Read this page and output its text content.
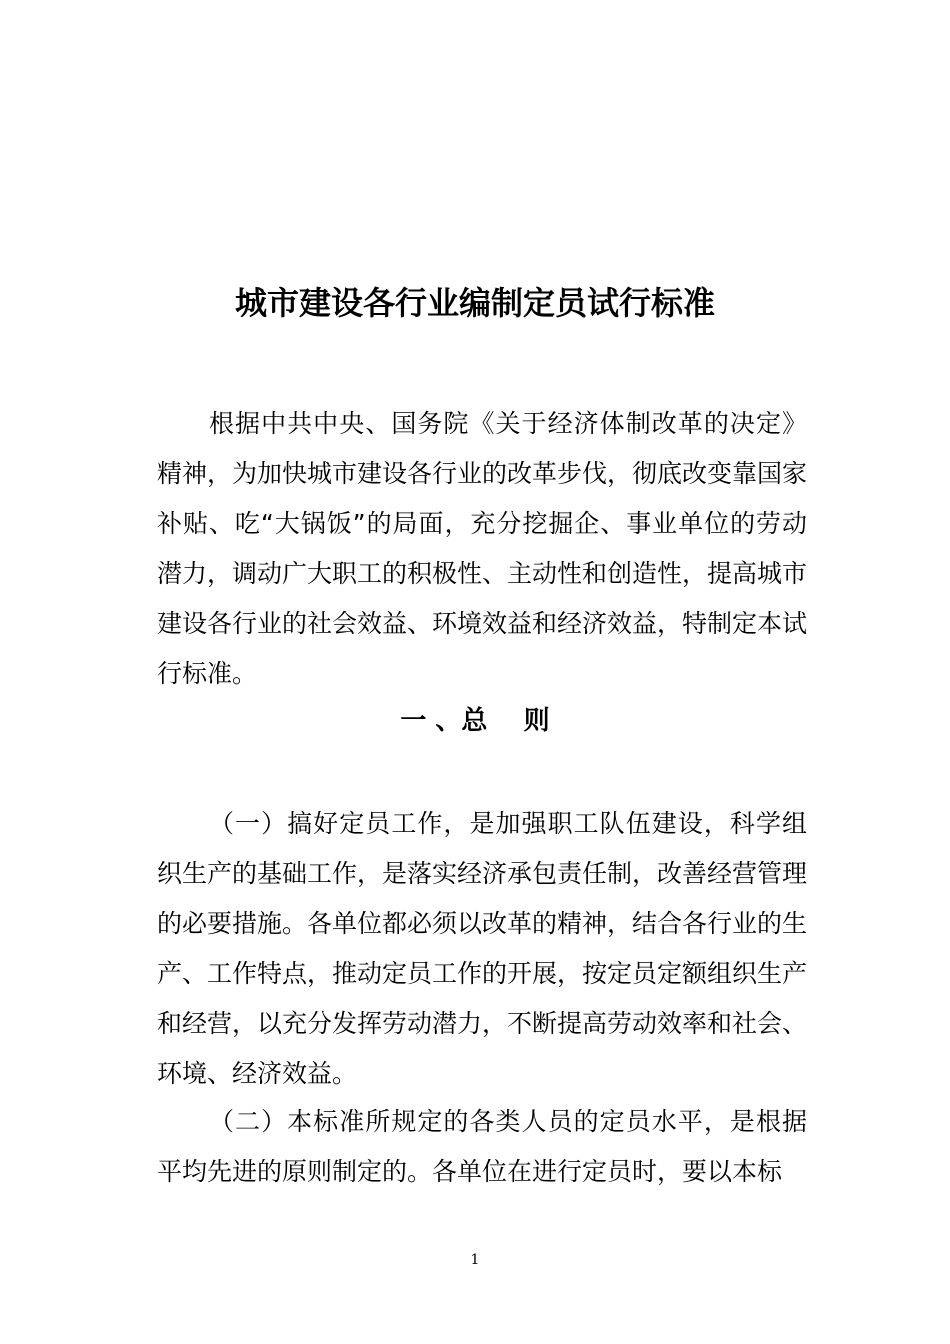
城市建设各行业编制定员试行标准

根据中共中央、国务院《关于经济体制改革的决定》精神，为加快城市建设各行业的改革步伐，彻底改变靠国家补贴、吃“大锅饭”的局面，充分挖掘企、事业单位的劳动潜力，调动广大职工的积极性、主动性和创造性，提高城市建设各行业的社会效益、环境效益和经济效益，特制定本试行标准。

一 、总    则

（一）搞好定员工作，是加强职工队伍建设，科学组织生产的基础工作，是落实经济承包责任制，改善经营管理的必要措施。各单位都必须以改革的精神，结合各行业的生产、工作特点，推动定员工作的开展，按定员定额组织生产和经营，以充分发挥劳动潜力，不断提高劳动效率和社会、环境、经济效益。

（二）本标准所规定的各类人员的定员水平，是根据平均先进的原则制定的。各单位在进行定员时，要以本标

1
